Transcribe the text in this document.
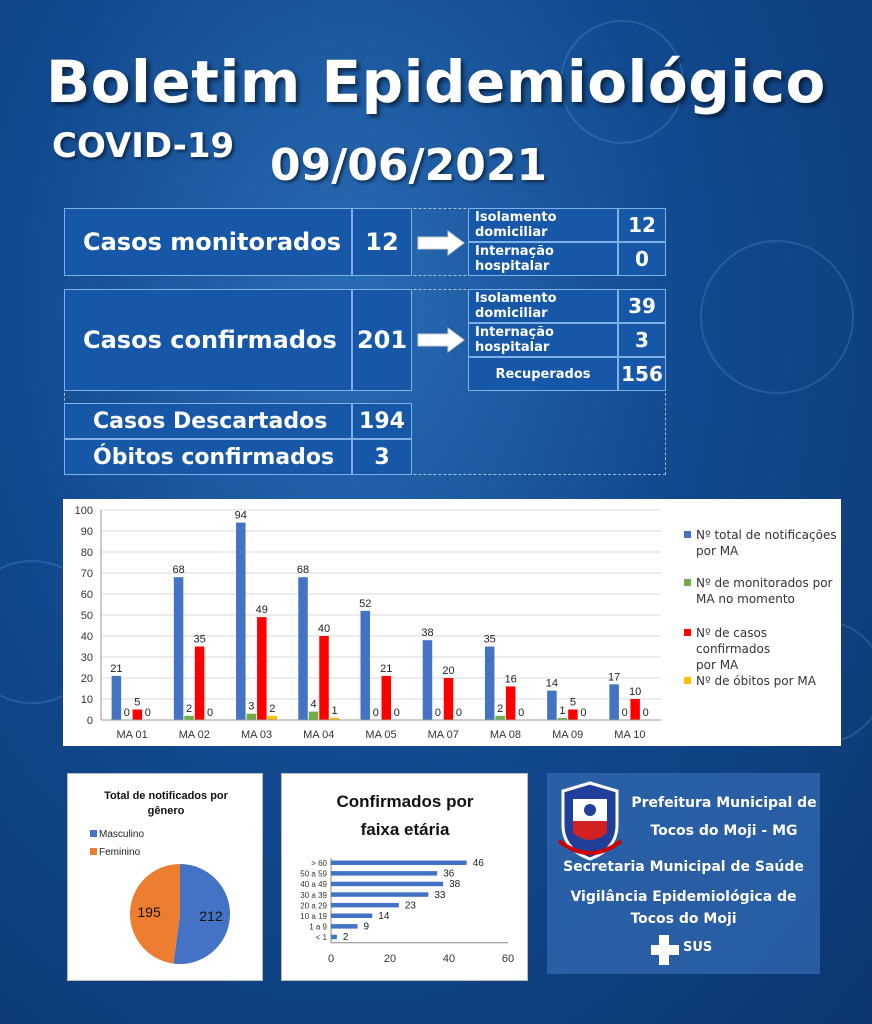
Boletim Epidemiológico
COVID-19 09/06/2021
Casos monitorados	12
Isolamento domiciliar	12
Internação hospitalar	0
Casos confirmados 201
Isolamento domiciliar	39
Internação hospitalar	3
Recuperados	156
Casos Descartados	194
Óbitos confirmados	3
0
10
20
30
40
50
60
70
80
90
100
MA 01
21
0
5
0
MA 02
68
2
35
0
MA 03
94
3
49
2
MA 04
68
4
40
1
MA 05
52
0
21
0
MA 07
38
0
20
0
MA 08
35
2
16
0
MA 09
14
1
5
0
MA 10
17
0
10
0
Nº total de notificações
por MA
Nº de monitorados por
MA no momento
Nº de casos confirmados
por MA
Nº de óbitos por MA
Total de notificados por
gênero
Masculino
Feminino
212
195
Confirmados por
faixa etária
0	20	40	60
> 60	46
50 a 59	36
40 a 49	38
30 a 39	33
20 a 29	23
10 a 19	14
1 a 9	9
< 1 2
Prefeitura Municipal de
Tocos do Moji - MG
Secretaria Municipal de Saúde
Vigilância Epidemiológica de
Tocos do Moji
SUS
